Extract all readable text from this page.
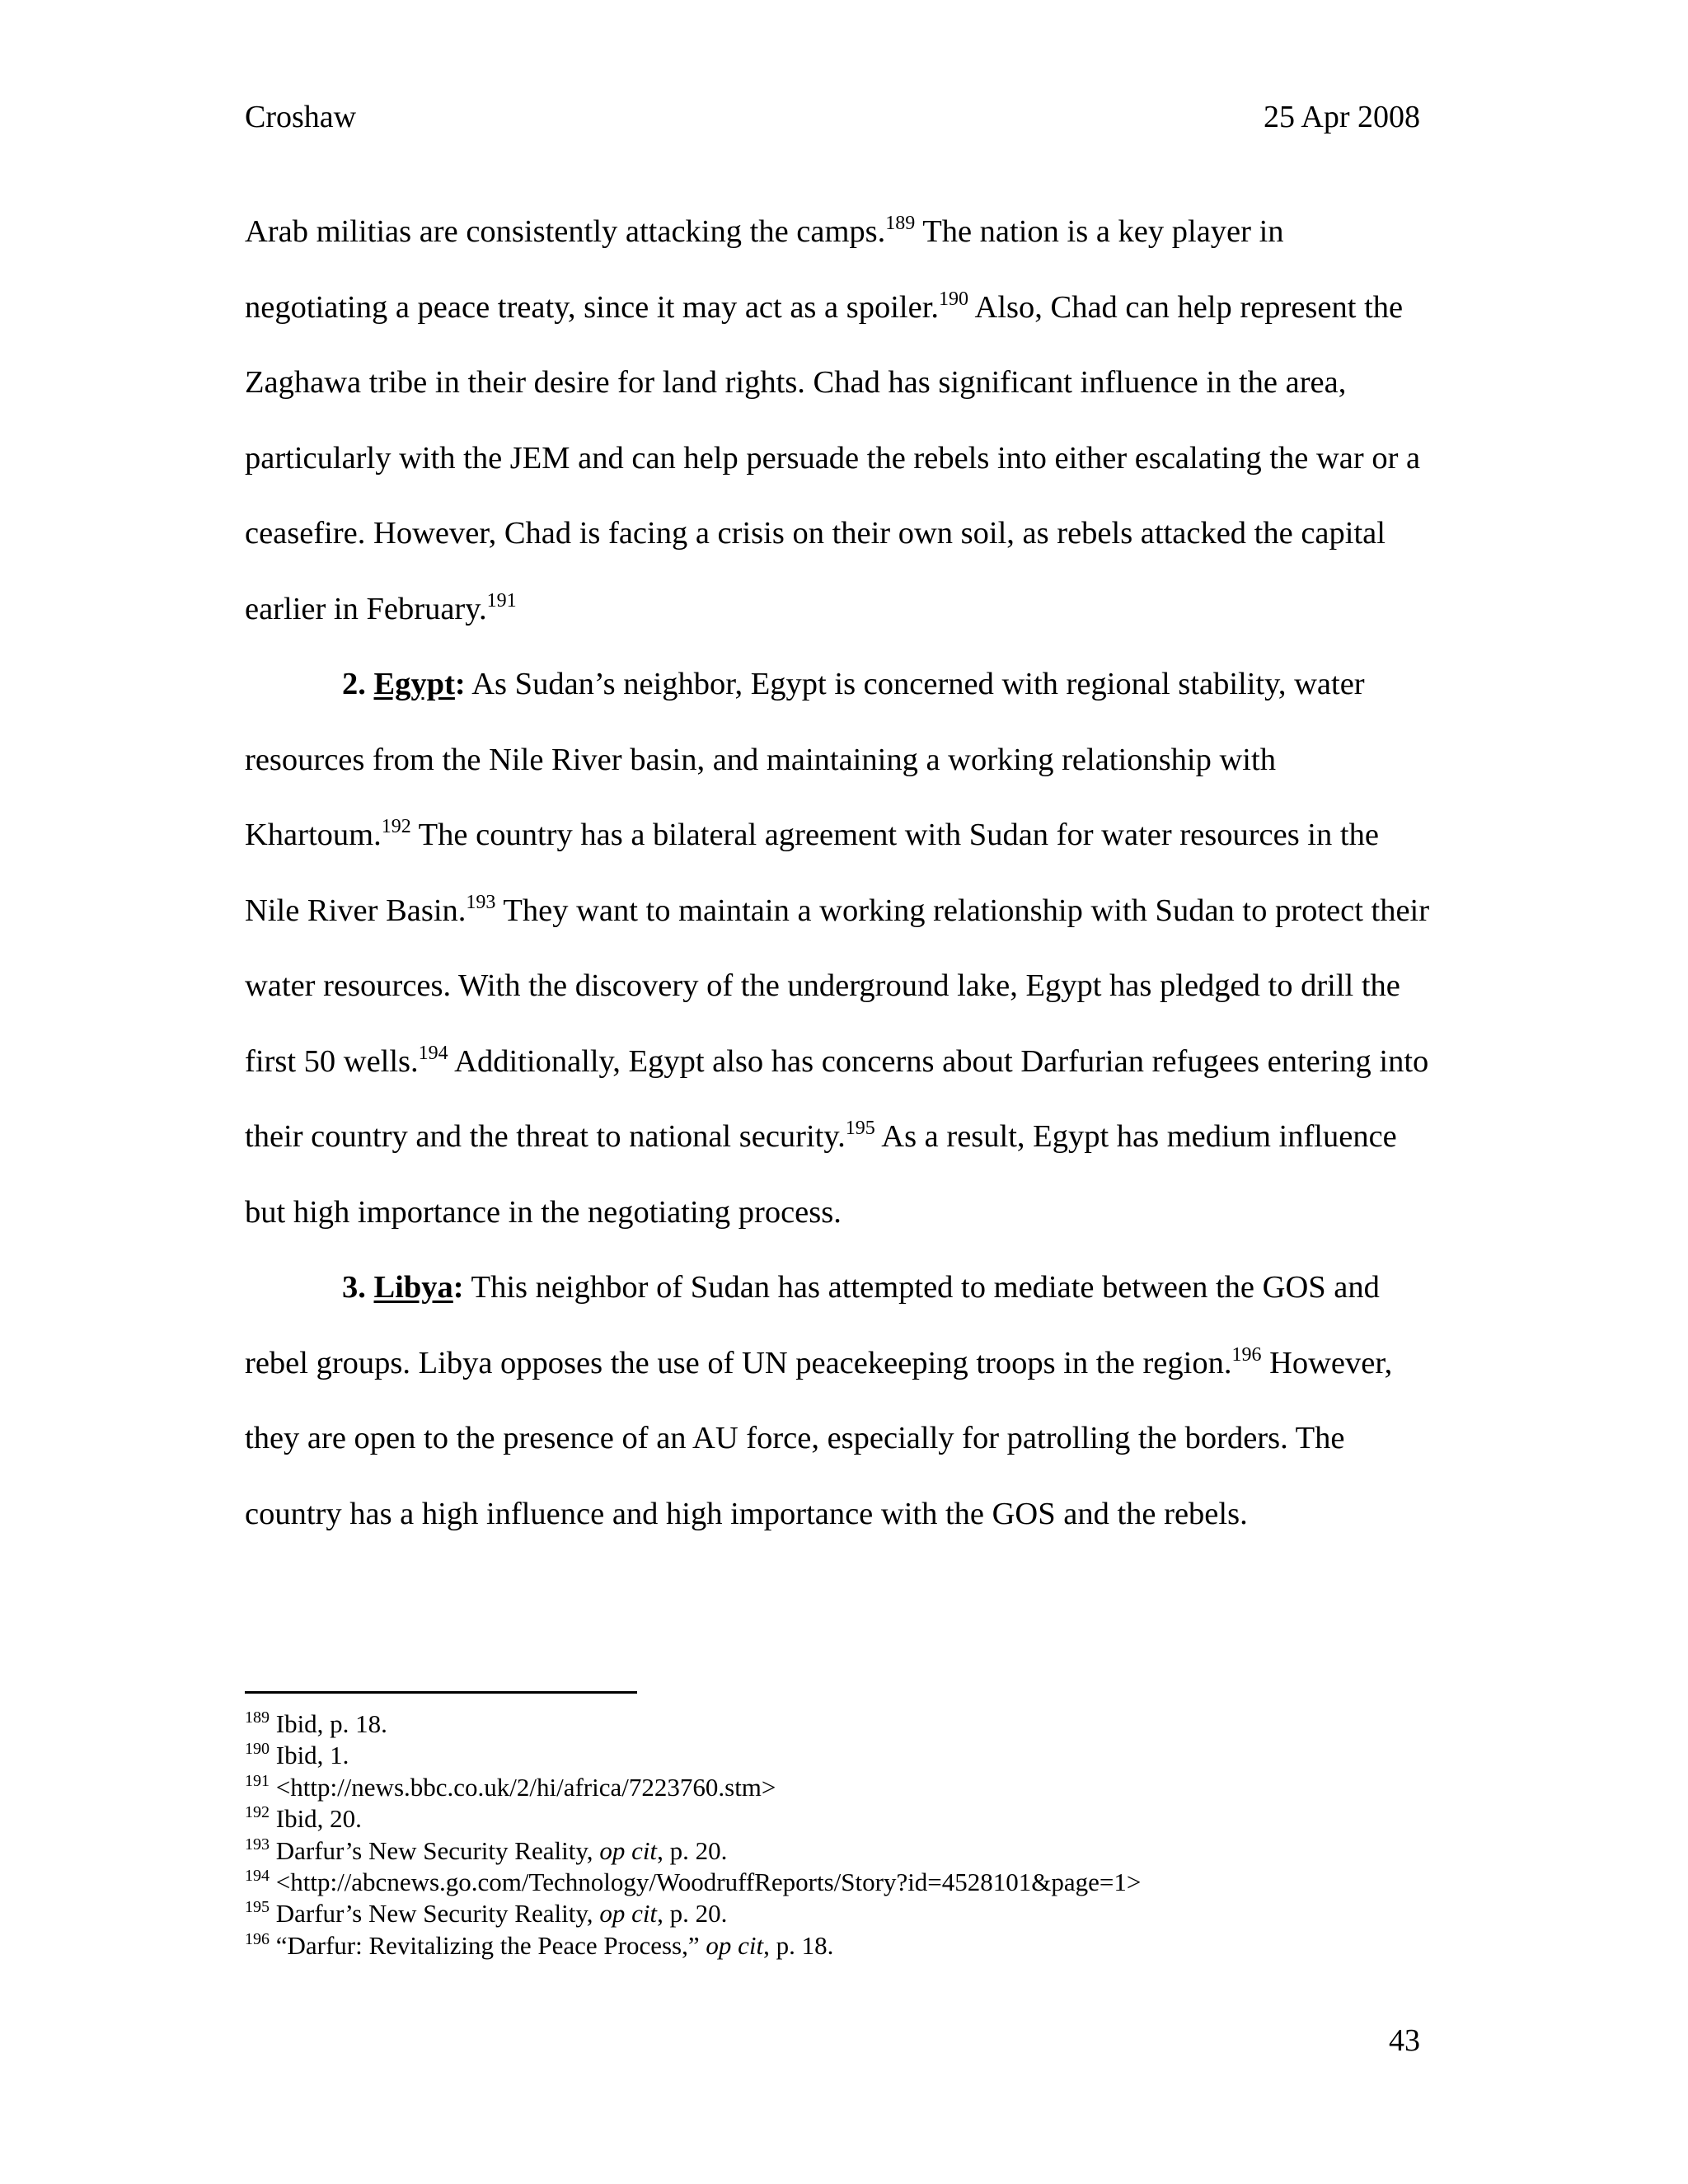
Croshaw	25 Apr 2008

Arab militias are consistently attacking the camps.$^{189}$ The nation is a key player in negotiating a peace treaty, since it may act as a spoiler.$^{190}$ Also, Chad can help represent the Zaghawa tribe in their desire for land rights. Chad has significant influence in the area, particularly with the JEM and can help persuade the rebels into either escalating the war or a ceasefire. However, Chad is facing a crisis on their own soil, as rebels attacked the capital earlier in February.$^{191}$

2. Egypt: As Sudan’s neighbor, Egypt is concerned with regional stability, water resources from the Nile River basin, and maintaining a working relationship with Khartoum.$^{192}$ The country has a bilateral agreement with Sudan for water resources in the Nile River Basin.$^{193}$ They want to maintain a working relationship with Sudan to protect their water resources. With the discovery of the underground lake, Egypt has pledged to drill the first 50 wells.$^{194}$ Additionally, Egypt also has concerns about Darfurian refugees entering into their country and the threat to national security.$^{195}$ As a result, Egypt has medium influence but high importance in the negotiating process.

3. Libya: This neighbor of Sudan has attempted to mediate between the GOS and rebel groups. Libya opposes the use of UN peacekeeping troops in the region.$^{196}$ However, they are open to the presence of an AU force, especially for patrolling the borders. The country has a high influence and high importance with the GOS and the rebels.

$^{189}$ Ibid, p. 18.
$^{190}$ Ibid, 1.
$^{191}$ <http://news.bbc.co.uk/2/hi/africa/7223760.stm>
$^{192}$ Ibid, 20.
$^{193}$ Darfur’s New Security Reality, op cit, p. 20.
$^{194}$ <http://abcnews.go.com/Technology/WoodruffReports/Story?id=4528101&page=1>
$^{195}$ Darfur’s New Security Reality, op cit, p. 20.
$^{196}$ “Darfur: Revitalizing the Peace Process,” op cit, p. 18.
43
